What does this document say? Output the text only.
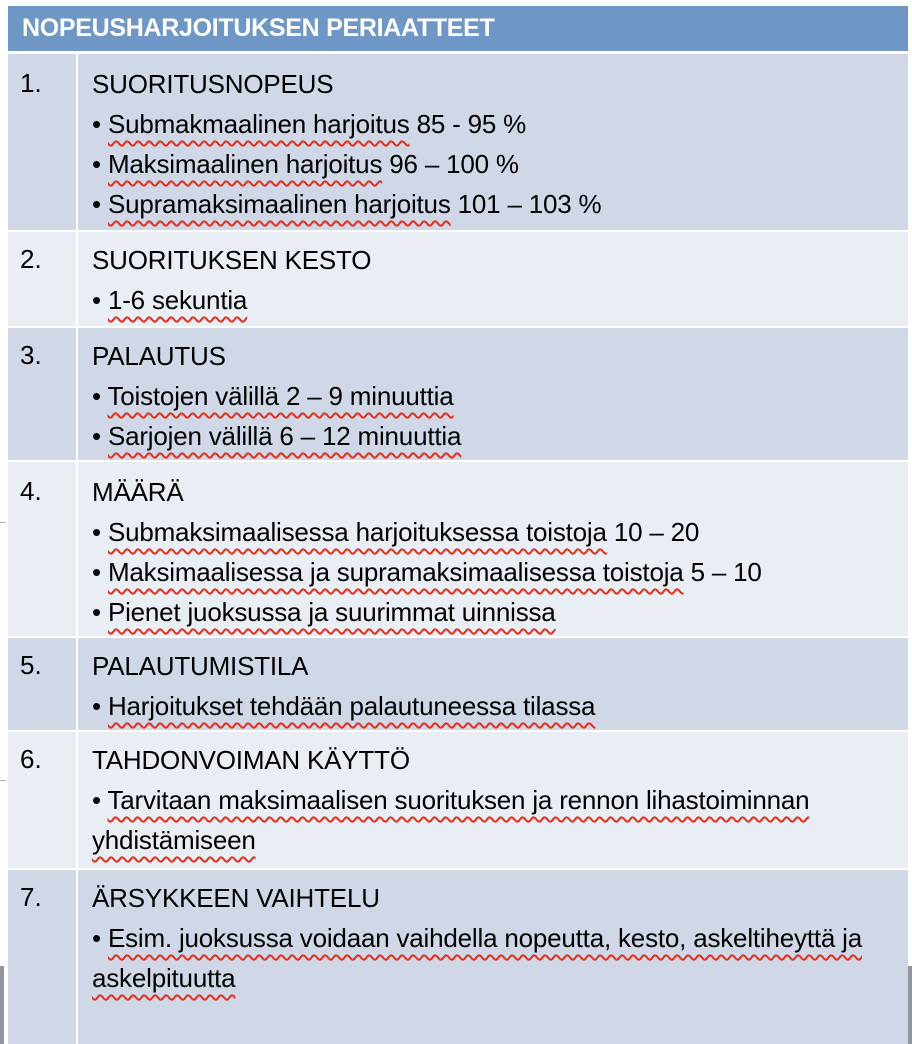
NOPEUSHARJOITUKSEN PERIAATTEET
1. SUORITUSNOPEUS
• Submakmaalinen harjoitus 85 - 95 %
• Maksimaalinen harjoitus 96 – 100 %
• Supramaksimaalinen harjoitus 101 – 103 %
2. SUORITUKSEN KESTO
• 1-6 sekuntia
3. PALAUTUS
• Toistojen välillä 2 – 9 minuuttia
• Sarjojen välillä 6 – 12 minuuttia
4. MÄÄRÄ
• Submaksimaalisessa harjoituksessa toistoja 10 – 20
• Maksimaalisessa ja supramaksimaalisessa toistoja 5 – 10
• Pienet juoksussa ja suurimmat uinnissa
5. PALAUTUMISTILA
• Harjoitukset tehdään palautuneessa tilassa
6. TAHDONVOIMAN KÄYTTÖ
• Tarvitaan maksimaalisen suorituksen ja rennon lihastoiminnan yhdistämiseen
7. ÄRSYKKEEN VAIHTELU
• Esim. juoksussa voidaan vaihdella nopeutta, kesto, askeltiheyttä ja askelpituutta
